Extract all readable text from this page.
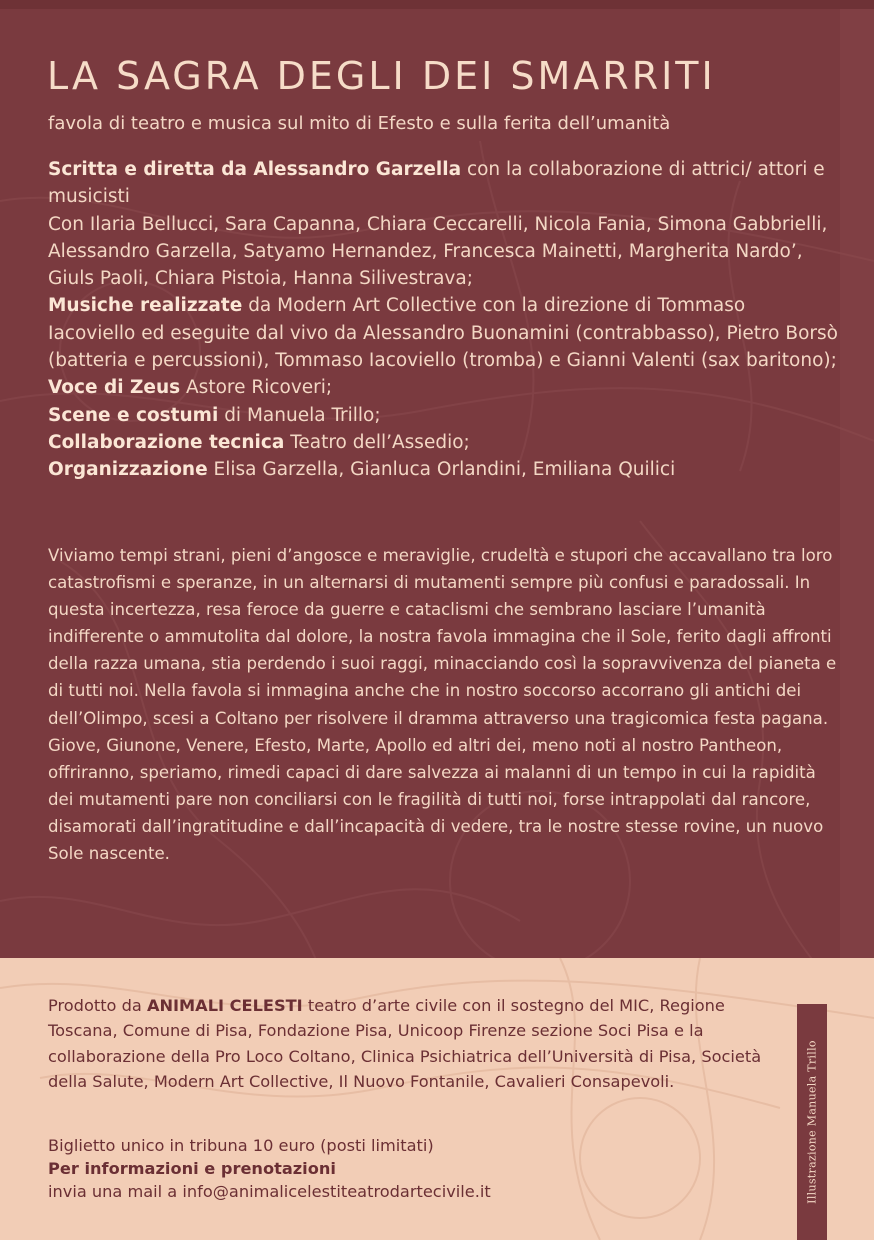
LA SAGRA DEGLI DEI SMARRITI

favola di teatro e musica sul mito di Efesto e sulla ferita dell’umanità

Scritta e diretta da Alessandro Garzella con la collaborazione di attrici/ attori e musicisti

Con Ilaria Bellucci, Sara Capanna, Chiara Ceccarelli, Nicola Fania, Simona Gabbrielli, Alessandro Garzella, Satyamo Hernandez, Francesca Mainetti, Margherita Nardo’, Giuls Paoli, Chiara Pistoia, Hanna Silivestrava;

Musiche realizzate da Modern Art Collective con la direzione di Tommaso Iacoviello ed eseguite dal vivo da Alessandro Buonamini (contrabbasso), Pietro Borsò (batteria e percussioni), Tommaso Iacoviello (tromba) e Gianni Valenti (sax baritono);

Voce di Zeus Astore Ricoveri;

Scene e costumi di Manuela Trillo;

Collaborazione tecnica Teatro dell’Assedio;

Organizzazione Elisa Garzella, Gianluca Orlandini, Emiliana Quilici

Viviamo tempi strani, pieni d’angosce e meraviglie, crudeltà e stupori che accavallano tra loro catastrofismi e speranze, in un alternarsi di mutamenti sempre più confusi e paradossali. In questa incertezza, resa feroce da guerre e cataclismi che sembrano lasciare l’umanità indifferente o ammutolita dal dolore, la nostra favola immagina che il Sole, ferito dagli affronti della razza umana, stia perdendo i suoi raggi, minacciando così la sopravvivenza del pianeta e di tutti noi. Nella favola si immagina anche che in nostro soccorso accorrano gli antichi dei dell’Olimpo, scesi a Coltano per risolvere il dramma attraverso una tragicomica festa pagana. Giove, Giunone, Venere, Efesto, Marte, Apollo ed altri dei, meno noti al nostro Pantheon, offriranno, speriamo, rimedi capaci di dare salvezza ai malanni di un tempo in cui la rapidità dei mutamenti pare non conciliarsi con le fragilità di tutti noi, forse intrappolati dal rancore, disamorati dall’ingratitudine e dall’incapacità di vedere, tra le nostre stesse rovine, un nuovo Sole nascente.

Prodotto da ANIMALI CELESTI teatro d’arte civile con il sostegno del MIC, Regione Toscana, Comune di Pisa, Fondazione Pisa, Unicoop Firenze sezione Soci Pisa e la collaborazione della Pro Loco Coltano, Clinica Psichiatrica dell’Università di Pisa, Società della Salute, Modern Art Collective, Il Nuovo Fontanile, Cavalieri Consapevoli.

Biglietto unico in tribuna 10 euro (posti limitati)

Per informazioni e prenotazioni

invia una mail a info@animalicelestiteatrodartecivile.it	Illustrazione Manuela Trillo
